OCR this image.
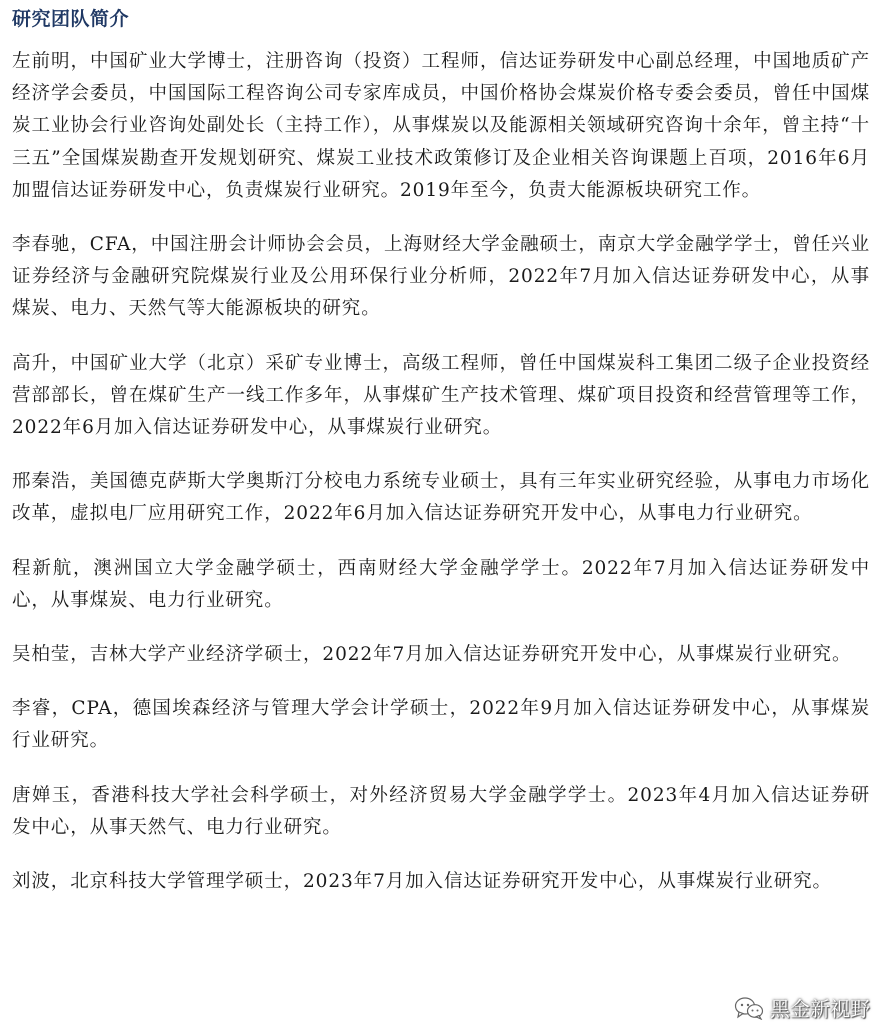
研究团队简介

左前明，中国矿业大学博士，注册咨询（投资）工程师，信达证券研发中心副总经理，中国地质矿产经济学会委员，中国国际工程咨询公司专家库成员，中国价格协会煤炭价格专委会委员，曾任中国煤炭工业协会行业咨询处副处长（主持工作），从事煤炭以及能源相关领域研究咨询十余年，曾主持“十三五”全国煤炭勘查开发规划研究、煤炭工业技术政策修订及企业相关咨询课题上百项，2016年6月加盟信达证券研发中心，负责煤炭行业研究。2019年至今，负责大能源板块研究工作。

李春驰，CFA，中国注册会计师协会会员，上海财经大学金融硕士，南京大学金融学学士，曾任兴业证券经济与金融研究院煤炭行业及公用环保行业分析师，2022年7月加入信达证券研发中心，从事煤炭、电力、天然气等大能源板块的研究。

高升，中国矿业大学（北京）采矿专业博士，高级工程师，曾任中国煤炭科工集团二级子企业投资经营部部长，曾在煤矿生产一线工作多年，从事煤矿生产技术管理、煤矿项目投资和经营管理等工作，2022年6月加入信达证券研发中心，从事煤炭行业研究。

邢秦浩，美国德克萨斯大学奥斯汀分校电力系统专业硕士，具有三年实业研究经验，从事电力市场化改革，虚拟电厂应用研究工作，2022年6月加入信达证券研究开发中心，从事电力行业研究。

程新航，澳洲国立大学金融学硕士，西南财经大学金融学学士。2022年7月加入信达证券研发中心，从事煤炭、电力行业研究。

吴柏莹，吉林大学产业经济学硕士，2022年7月加入信达证券研究开发中心，从事煤炭行业研究。

李睿，CPA，德国埃森经济与管理大学会计学硕士，2022年9月加入信达证券研发中心，从事煤炭行业研究。

唐婵玉，香港科技大学社会科学硕士，对外经济贸易大学金融学学士。2023年4月加入信达证券研发中心，从事天然气、电力行业研究。

刘波，北京科技大学管理学硕士，2023年7月加入信达证券研究开发中心，从事煤炭行业研究。

黑金新视野
